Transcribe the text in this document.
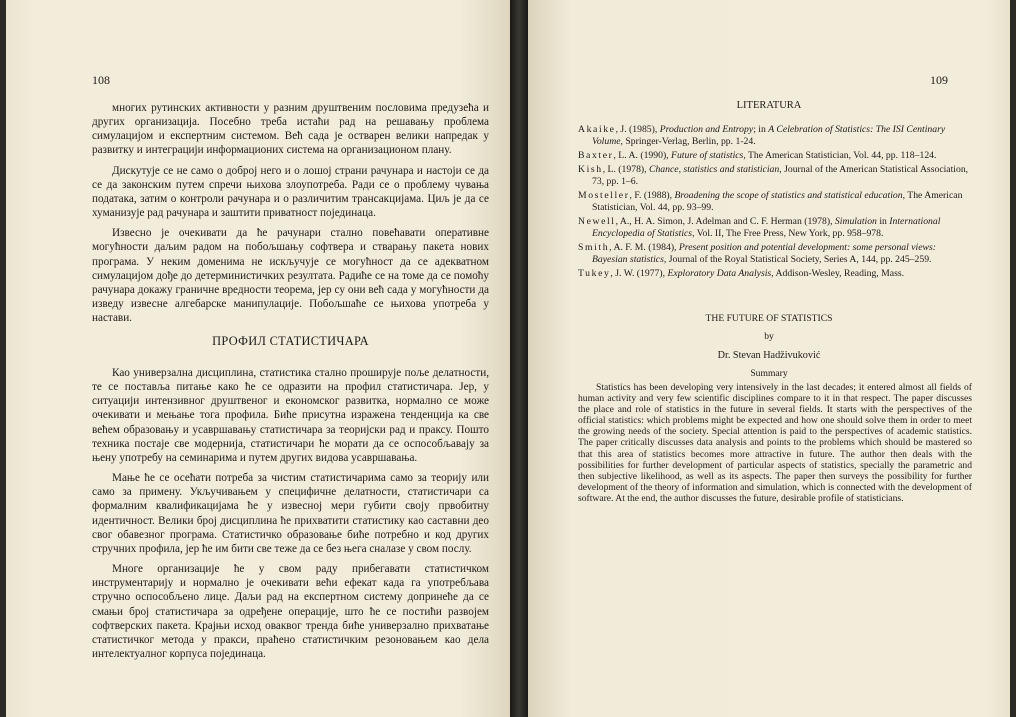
108

многих рутинских активности у разним друштвеним пословима предузећа и других организација. Посебно треба истаћи рад на решавању проблема симулацијом и експертним системом. Већ сада је остварен велики напредак у развитку и интеграцији информационих система на организационом плану.

Дискутује се не само о доброј него и о лошој страни рачунара и настоји се да се да законским путем спречи њихова злоупотреба. Ради се о проблему чувања података, затим о контроли рачунара и о различитим трансакцијама. Циљ је да се хуманизује рад рачунара и заштити приватност појединаца.

Извесно је очекивати да ће рачунари стално повећавати оперативне могућности даљим радом на побољшању софтвера и стварању пакета нових програма. У неким доменима не искључује се могућност да се адекватном симулацијом дође до детерминистичких резултата. Радиће се на томе да се помоћу рачунара докажу граничне вредности теорема, јер су они већ сада у могућности да изведу извесне алгебарске манипулације. Побољшаће се њихова употреба у настави.

ПРОФИЛ СТАТИСТИЧАРА

Као универзална дисциплина, статистика стално проширује поље делатности, те се поставља питање како ће се одразити на профил статистичара. Јер, у ситуацији интензивног друштвеног и економског развитка, нормално се може очекивати и мењање тога профила. Биће присутна изражена тенденција ка све већем образовању и усавршавању статистичара за теоријски рад и праксу. Пошто техника постаје све модернија, статистичари ће морати да се оспособљавају за њену употребу на семинарима и путем других видова усавршавања.

Мање ће се осећати потреба за чистим статистичарима само за теорију или само за примену. Укључивањем у специфичне делатности, статистичари са формалним квалификацијама ће у извесној мери губити своју првобитну идентичност. Велики број дисциплина ће прихватити статистику као саставни део свог обавезног програма. Статистичко образовање биће потребно и код других стручних профила, јер ће им бити све теже да се без њега сналазе у свом послу.

Многе организације ће у свом раду прибегавати статистичком инструментарију и нормално је очекивати већи ефекат када га употребљава стручно оспособљено лице. Даљи рад на експертном систему допринеће да се смањи број статистичара за одређене операције, што ће се постићи развојем софтверских пакета. Крајњи исход оваквог тренда биће универзално прихватање статистичког метода у пракси, праћено статистичким резоновањем као дела интелектуалног корпуса појединаца.

109
LITERATURA
Akaike, J. (1985), Production and Entropy; in A Celebration of Statistics: The ISI Centinary Volume, Springer-Verlag, Berlin, pp. 1-24.
Baxter, L. A. (1990), Future of statistics, The American Statistician, Vol. 44, pp. 118–124.
Kish, L. (1978), Chance, statistics and statistician, Journal of the American Statistical Association, 73, pp. 1–6.
Mosteller, F. (1988), Broadening the scope of statistics and statistical education, The American Statistician, Vol. 44, pp. 93–99.
Newell, A., H. A. Simon, J. Adelman and C. F. Herman (1978), Simulation in International Encyclopedia of Statistics, Vol. II, The Free Press, New York, pp. 958–978.
Smith, A. F. M. (1984), Present position and potential development: some personal views: Bayesian statistics, Journal of the Royal Statistical Society, Series A, 144, pp. 245–259.
Tukey, J. W. (1977), Exploratory Data Analysis, Addison-Wesley, Reading, Mass.
THE FUTURE OF STATISTICS
by
Dr. Stevan Hadživuković
Summary

Statistics has been developing very intensively in the last decades; it entered almost all fields of human activity and very few scientific disciplines compare to it in that respect. The paper discusses the place and role of statistics in the future in several fields. It starts with the perspectives of the official statistics: which problems might be expected and how one should solve them in order to meet the growing needs of the society. Special attention is paid to the perspectives of academic statistics. The paper critically discusses data analysis and points to the problems which should be mastered so that this area of statistics becomes more attractive in future. The author then deals with the possibilities for further development of particular aspects of statistics, specially the parametric and then subjective likelihood, as well as its aspects. The paper then surveys the possibility for further development of the theory of information and simulation, which is connected with the development of software. At the end, the author discusses the future, desirable profile of statisticians.
